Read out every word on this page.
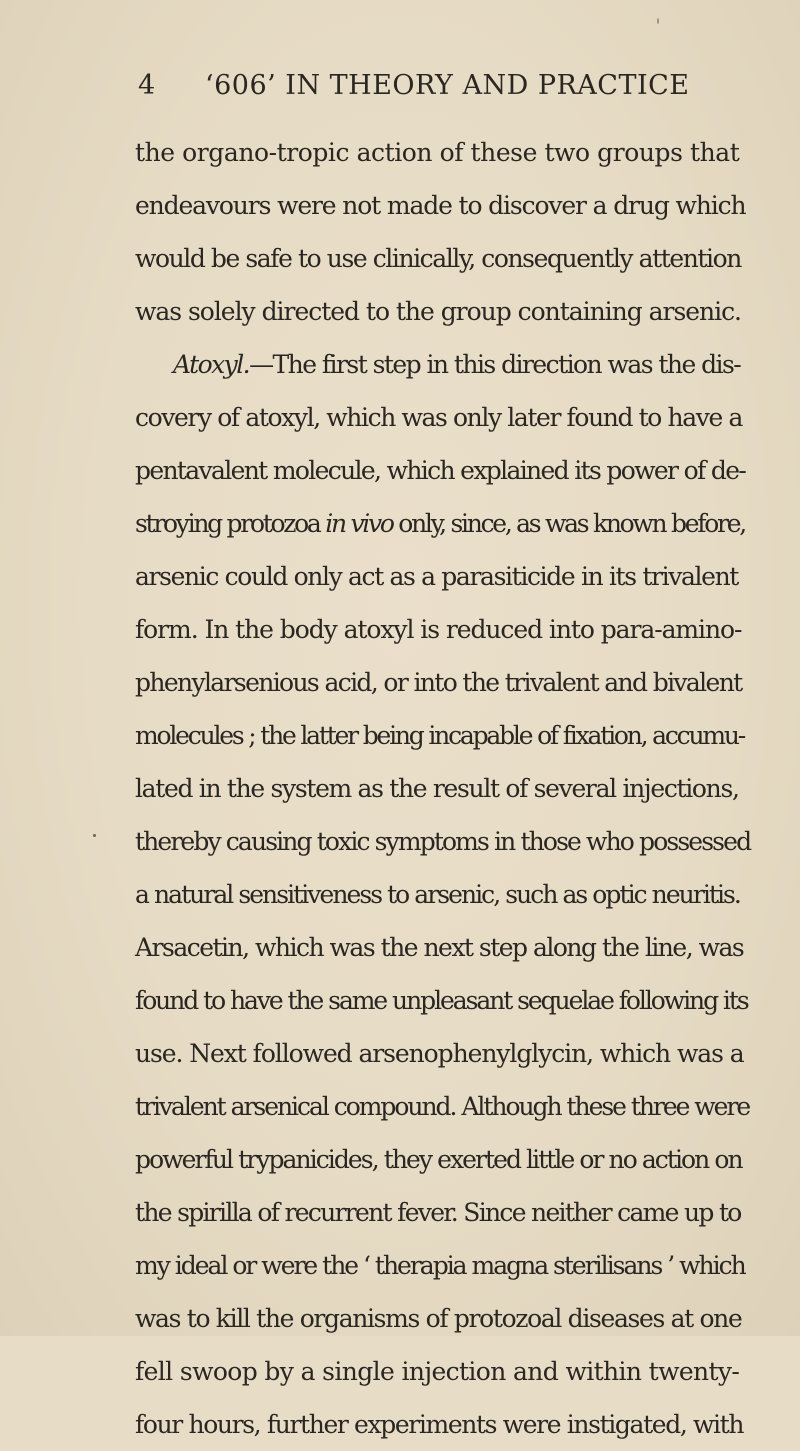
4 ‘606’ IN THEORY AND PRACTICE
the organo-tropic action of these two groups that
endeavours were not made to discover a drug which
would be safe to use clinically, consequently attention
was solely directed to the group containing arsenic.
Atoxyl.—The first step in this direction was the dis-
covery of atoxyl, which was only later found to have a
pentavalent molecule, which explained its power of de-
stroying protozoa in vivo only, since, as was known before,
arsenic could only act as a parasiticide in its trivalent
form. In the body atoxyl is reduced into para-amino-
phenylarsenious acid, or into the trivalent and bivalent
molecules ; the latter being incapable of fixation, accumu-
lated in the system as the result of several injections,
thereby causing toxic symptoms in those who possessed
a natural sensitiveness to arsenic, such as optic neuritis.
Arsacetin, which was the next step along the line, was
found to have the same unpleasant sequelae following its
use. Next followed arsenophenylglycin, which was a
trivalent arsenical compound. Although these three were
powerful trypanicides, they exerted little or no action on
the spirilla of recurrent fever. Since neither came up to
my ideal or were the ‘ therapia magna sterilisans ’ which
was to kill the organisms of protozoal diseases at one
fell swoop by a single injection and within twenty-
four hours, further experiments were instigated, with
